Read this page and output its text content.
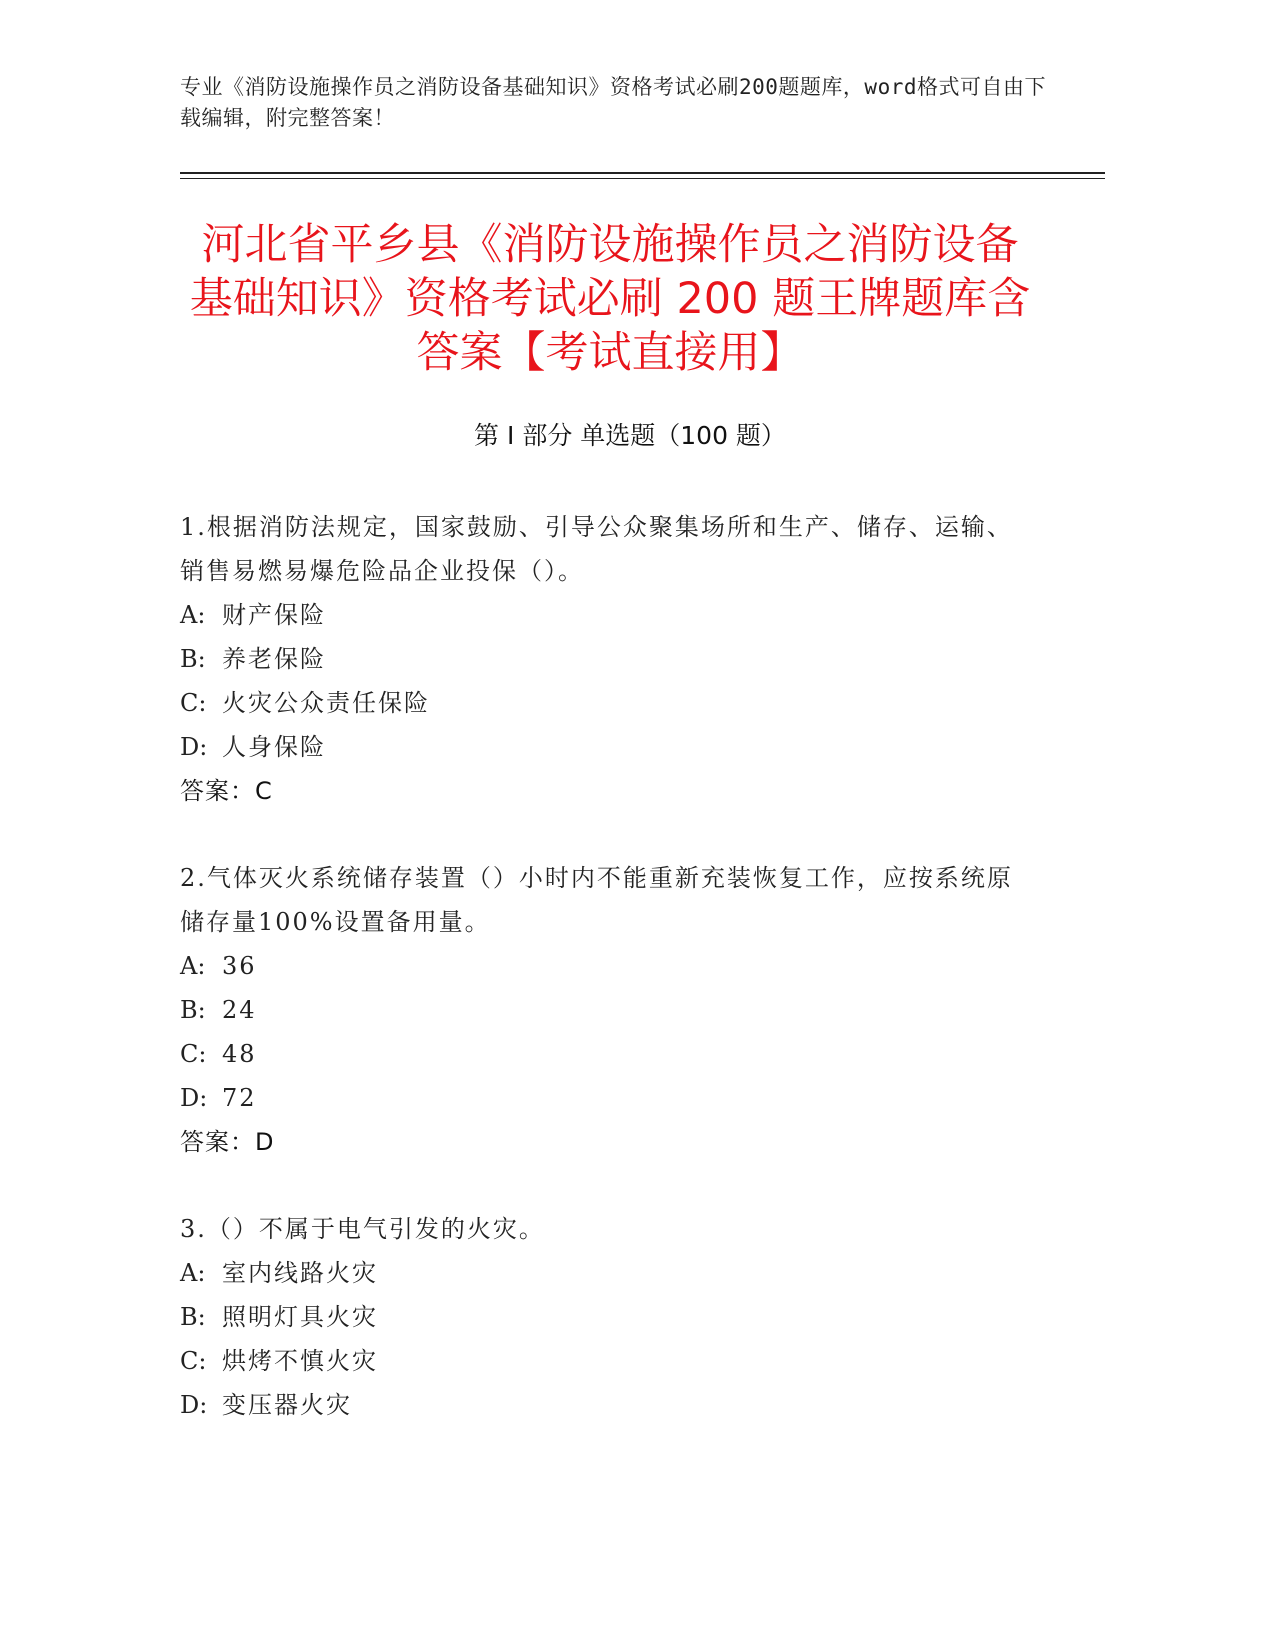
专业《消防设施操作员之消防设备基础知识》资格考试必刷200题题库，word格式可自由下载编辑，附完整答案！
河北省平乡县《消防设施操作员之消防设备
基础知识》资格考试必刷 200 题王牌题库含
答案【考试直接用】
第 I 部分 单选题（100 题）
1.根据消防法规定，国家鼓励、引导公众聚集场所和生产、储存、运输、销售易燃易爆危险品企业投保（）。
A: 财产保险
B: 养老保险
C: 火灾公众责任保险
D: 人身保险
答案：C
2.气体灭火系统储存装置（）小时内不能重新充装恢复工作，应按系统原储存量100%设置备用量。
A: 36
B: 24
C: 48
D: 72
答案：D
3.（）不属于电气引发的火灾。
A: 室内线路火灾
B: 照明灯具火灾
C: 烘烤不慎火灾
D: 变压器火灾
